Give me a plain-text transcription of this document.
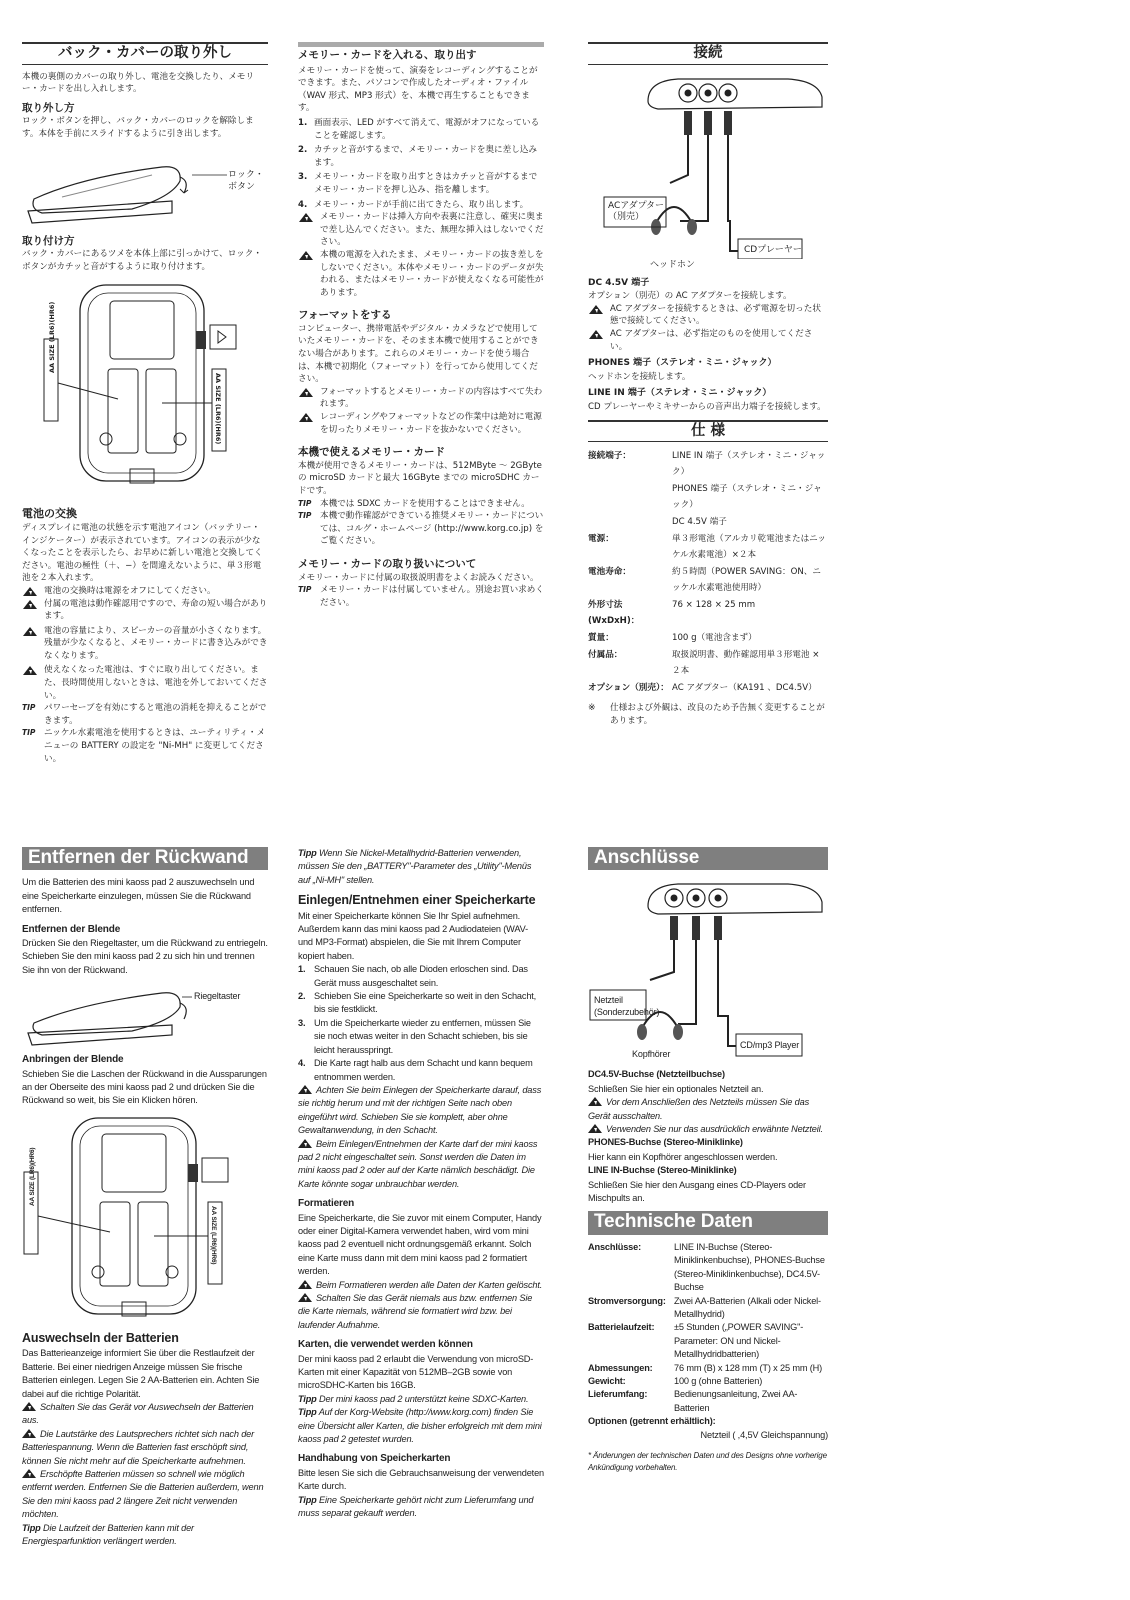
バック・カバーの取り外し

本機の裏側のカバーの取り外し、電池を交換したり、メモリー・カードを出し入れします。

取り外し方

ロック・ボタンを押し、バック・カバーのロックを解除します。本体を手前にスライドするように引き出します。

ロック・ボタン
取り付け方

バック・カバーにあるツメを本体上部に引っかけて、ロック・ボタンがカチッと音がするように取り付けます。

AA SIZE (LR6)(HR6)
AA SIZE (LR6)(HR6)
電池の交換

ディスプレイに電池の状態を示す電池アイコン（バッテリー・インジケーター）が表示されています。アイコンの表示が少なくなったことを表示したら、お早めに新しい電池と交換してください。電池の極性（＋、−）を間違えないように、単３形電池を２本入れます。

電池の交換時は電源をオフにしてください。
付属の電池は動作確認用ですので、寿命の短い場合があります。
電池の容量により、スピーカーの音量が小さくなります。残量が少なくなると、メモリー・カードに書き込みができなくなります。
使えなくなった電池は、すぐに取り出してください。また、長時間使用しないときは、電池を外しておいてください。
TIP パワーセーブを有効にすると電池の消耗を抑えることができます。
TIP ニッケル水素電池を使用するときは、ユーティリティ・メニューの BATTERY の設定を "Ni-MH" に変更してください。
メモリー・カードを入れる、取り出す

メモリー・カードを使って、演奏をレコーディングすることができます。また、パソコンで作成したオーディオ・ファイル（WAV 形式、MP3 形式）を、本機で再生することもできます。

1. 画面表示、LED がすべて消えて、電源がオフになっていることを確認します。
2. カチッと音がするまで、メモリー・カードを奥に差し込みます。
3. メモリー・カードを取り出すときはカチッと音がするまでメモリー・カードを押し込み、指を離します。
4. メモリー・カードが手前に出てきたら、取り出します。
メモリー・カードは挿入方向や表裏に注意し、確実に奥まで差し込んでください。また、無理な挿入はしないでください。
本機の電源を入れたまま、メモリー・カードの抜き差しをしないでください。本体やメモリー・カードのデータが失われる、またはメモリー・カードが使えなくなる可能性があります。
フォーマットをする

コンピューター、携帯電話やデジタル・カメラなどで使用していたメモリー・カードを、そのまま本機で使用することができない場合があります。これらのメモリー・カードを使う場合は、本機で初期化（フォーマット）を行ってから使用してください。

フォーマットするとメモリー・カードの内容はすべて失われます。
レコーディングやフォーマットなどの作業中は絶対に電源を切ったりメモリー・カードを抜かないでください。
本機で使えるメモリー・カード

本機が使用できるメモリー・カードは、512MByte ～ 2GByte の microSD カードと最大 16GByte までの microSDHC カードです。

TIP 本機では SDXC カードを使用することはできません。
TIP 本機で動作確認ができている推奨メモリー・カードについては、コルグ・ホームページ (http://www.korg.co.jp) をご覧ください。
メモリー・カードの取り扱いについて

メモリー・カードに付属の取扱説明書をよくお読みください。

TIP メモリー・カードは付属していません。別途お買い求めください。
接続
ACアダプター（別売）
ヘッドホン
CDプレーヤー
DC 4.5V 端子

オプション（別売）の AC アダプターを接続します。

AC アダプターを接続するときは、必ず電源を切った状態で接続してください。
AC アダプターは、必ず指定のものを使用してください。
PHONES 端子（ステレオ・ミニ・ジャック）

ヘッドホンを接続します。

LINE IN 端子（ステレオ・ミニ・ジャック）

CD プレーヤーやミキサーからの音声出力端子を接続します。

仕 様
接続端子：	LINE IN 端子（ステレオ・ミニ・ジャック）
PHONES 端子（ステレオ・ミニ・ジャック）
DC 4.5V 端子
電源：	単３形電池（アルカリ乾電池またはニッケル水素電池）×２本
電池寿命：	約５時間（POWER SAVING：ON、ニッケル水素電池使用時）
外形寸法 (WxDxH)：
76 × 128 × 25 mm
質量：	100 g（電池含まず）
付属品：	取扱説明書、動作確認用単３形電池 ×２本
オプション（別売）： AC アダプター（KA191 、DC4.5V）
※ 仕様および外観は、改良のため予告無く変更することがあります。
Entfernen der Rückwand

Um die Batterien des mini kaoss pad 2 auszuwechseln und eine Speicherkarte einzulegen, müssen Sie die Rückwand entfernen.

Entfernen der Blende

Drücken Sie den Riegeltaster, um die Rückwand zu entriegeln. Schieben Sie den mini kaoss pad 2 zu sich hin und trennen Sie ihn von der Rückwand.

Riegeltaster
Anbringen der Blende

Schieben Sie die Laschen der Rückwand in die Aussparungen an der Oberseite des mini kaoss pad 2 und drücken Sie die Rückwand so weit, bis Sie ein Klicken hören.

AA SIZE (LR6)(HR6)
AA SIZE (LR6)(HR6)
Auswechseln der Batterien

Das Batterieanzeige informiert Sie über die Restlaufzeit der Batterie. Bei einer niedrigen Anzeige müssen Sie frische Batterien einlegen. Legen Sie 2 AA-Batterien ein. Achten Sie dabei auf die richtige Polarität.

Schalten Sie das Gerät vor Auswechseln der Batterien aus.

Die Lautstärke des Lautsprechers richtet sich nach der Batteriespannung. Wenn die Batterien fast erschöpft sind, können Sie nicht mehr auf die Speicherkarte aufnehmen.

Erschöpfte Batterien müssen so schnell wie möglich entfernt werden. Entfernen Sie die Batterien außerdem, wenn Sie den mini kaoss pad 2 längere Zeit nicht verwenden möchten.

Tipp Die Laufzeit der Batterien kann mit der Energiesparfunktion verlängert werden.

Tipp Wenn Sie Nickel-Metallhydrid-Batterien verwenden, müssen Sie den „BATTERY"-Parameter des „Utility"-Menüs auf „Ni-MH" stellen.

Einlegen/Entnehmen einer Speicherkarte

Mit einer Speicherkarte können Sie Ihr Spiel aufnehmen. Außerdem kann das mini kaoss pad 2 Audiodateien (WAV- und MP3-Format) abspielen, die Sie mit Ihrem Computer kopiert haben.

1. Schauen Sie nach, ob alle Dioden erloschen sind. Das Gerät muss ausgeschaltet sein.
2. Schieben Sie eine Speicherkarte so weit in den Schacht, bis sie festklickt.
3. Um die Speicherkarte wieder zu entfernen, müssen Sie sie noch etwas weiter in den Schacht schieben, bis sie leicht herausspringt.
4. Die Karte ragt halb aus dem Schacht und kann bequem entnommen werden.

Achten Sie beim Einlegen der Speicherkarte darauf, dass sie richtig herum und mit der richtigen Seite nach oben eingeführt wird. Schieben Sie sie komplett, aber ohne Gewaltanwendung, in den Schacht.

Beim Einlegen/Entnehmen der Karte darf der mini kaoss pad 2 nicht eingeschaltet sein. Sonst werden die Daten im mini kaoss pad 2 oder auf der Karte nämlich beschädigt. Die Karte könnte sogar unbrauchbar werden.

Formatieren

Eine Speicherkarte, die Sie zuvor mit einem Computer, Handy oder einer Digital-Kamera verwendet haben, wird vom mini kaoss pad 2 eventuell nicht ordnungsgemäß erkannt. Solch eine Karte muss dann mit dem mini kaoss pad 2 formatiert werden.

Beim Formatieren werden alle Daten der Karten gelöscht.

Schalten Sie das Gerät niemals aus bzw. entfernen Sie die Karte niemals, während sie formatiert wird bzw. bei laufender Aufnahme.

Karten, die verwendet werden können

Der mini kaoss pad 2 erlaubt die Verwendung von microSD-Karten mit einer Kapazität von 512MB–2GB sowie von microSDHC-Karten bis 16GB.

Tipp Der mini kaoss pad 2 unterstützt keine SDXC-Karten.

Tipp Auf der Korg-Website (http://www.korg.com) finden Sie eine Übersicht aller Karten, die bisher erfolgreich mit dem mini kaoss pad 2 getestet wurden.

Handhabung von Speicherkarten

Bitte lesen Sie sich die Gebrauchsanweisung der verwendeten Karte durch.

Tipp Eine Speicherkarte gehört nicht zum Lieferumfang und muss separat gekauft werden.

Anschlüsse
Netzteil (Sonderzubehör)
Kopfhörer
CD/mp3 Player
DC4.5V-Buchse (Netzteilbuchse)

Schließen Sie hier ein optionales Netzteil an.

Vor dem Anschließen des Netzteils müssen Sie das Gerät ausschalten.

Verwenden Sie nur das ausdrücklich erwähnte Netzteil.

PHONES-Buchse (Stereo-Miniklinke)

Hier kann ein Kopfhörer angeschlossen werden.

LINE IN-Buchse (Stereo-Miniklinke)

Schließen Sie hier den Ausgang eines CD-Players oder Mischpults an.

Technische Daten
Anschlüsse:	LINE IN-Buchse (Stereo-Miniklinkenbuchse), PHONES-Buchse (Stereo-Miniklinkenbuchse), DC4.5V-Buchse
Stromversorgung: Zwei AA-Batterien (Alkali oder Nickel-Metallhydrid)
Batterielaufzeit:	±5 Stunden („POWER SAVING"-Parameter: ON und Nickel-Metallhydridbatterien)
Abmessungen:	76 mm (B) x 128 mm (T) x 25 mm (H)
Gewicht:	100 g (ohne Batterien)
Lieferumfang:	Bedienungsanleitung, Zwei AA-Batterien
Optionen (getrennt erhältlich):

Netzteil ( ,4,5V Gleichspannung)

* Änderungen der technischen Daten und des Designs ohne vorherige Ankündigung vorbehalten.
